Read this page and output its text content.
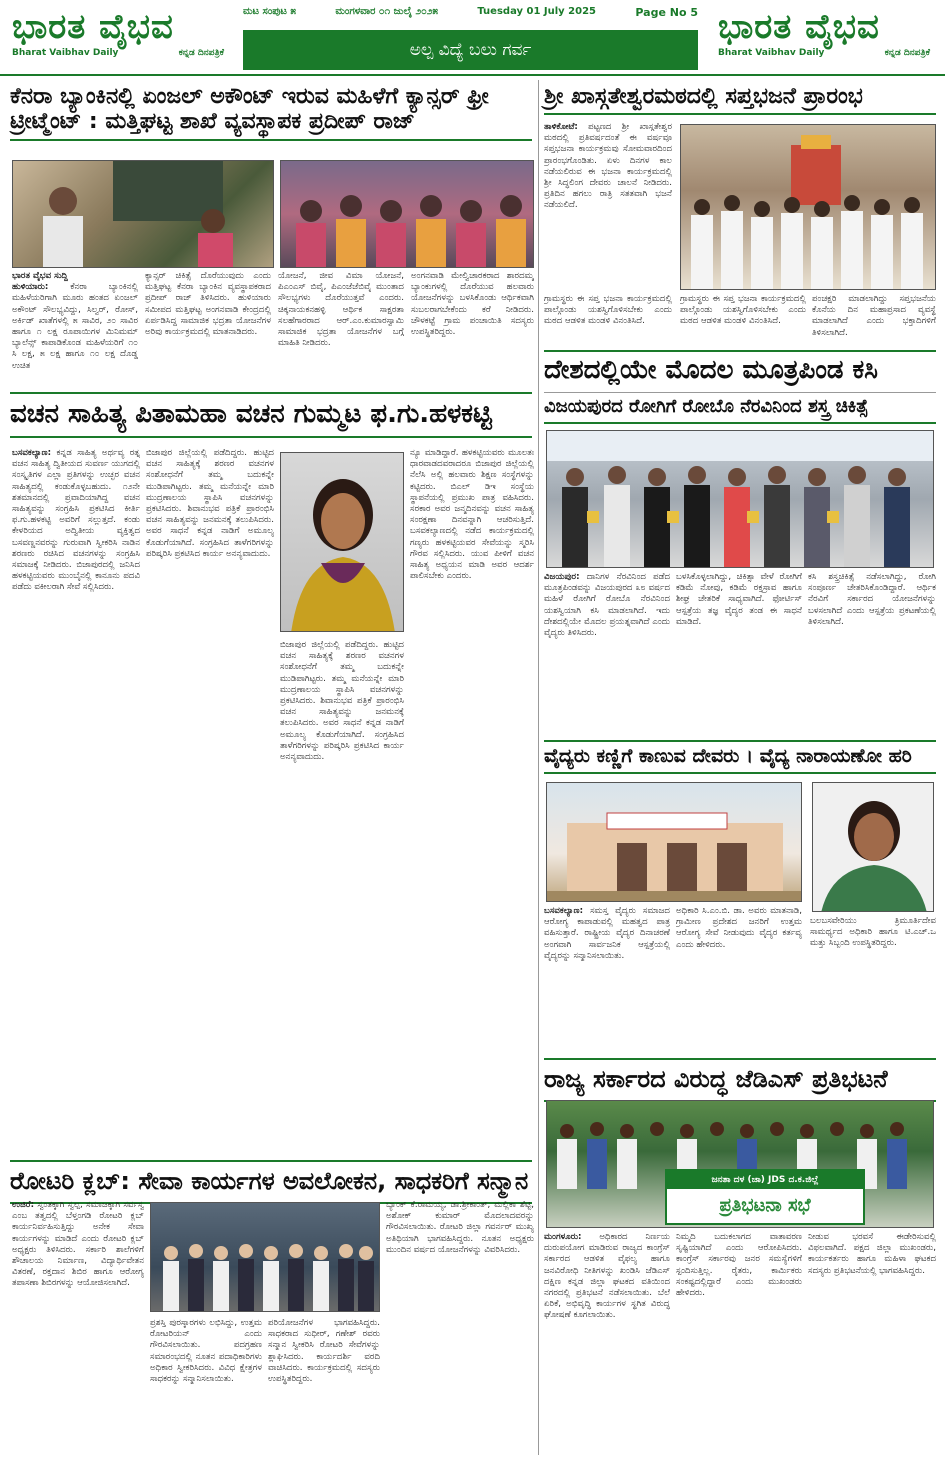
ಭಾರತ ವೈಭವ
Bharat Vaibhav Daily	ಕನ್ನಡ ದಿನಪತ್ರಿಕೆ
ಮಟ ಸಂಪುಟ ೫	ಮಂಗಳವಾರ ೦೧ ಜುಲೈ ೨೦೨೫	Tuesday 01 July 2025	Page No 5
ಅಲ್ಪ ವಿದ್ಯೆ ಬಲು ಗರ್ವ
ಭಾರತ ವೈಭವ
Bharat Vaibhav Daily	ಕನ್ನಡ ದಿನಪತ್ರಿಕೆ
ಕೆನರಾ ಬ್ಯಾಂಕಿನಲ್ಲಿ ಏಂಜಲ್ ಅಕೌಂಟ್ ಇರುವ ಮಹಿಳೆಗೆ ಕ್ಯಾನ್ಸರ್ ಫ್ರೀ ಟ್ರೀಟ್ಮೆಂಟ್ : ಮತ್ತಿಘಟ್ಟ ಶಾಖೆ ವ್ಯವಸ್ಥಾಪಕ ಪ್ರದೀಪ್ ರಾಜ್

ಭಾರತ ವೈಭವ ಸುದ್ದಿ

ಹುಳಿಯಾರು:	ಕೆನರಾ ಬ್ಯಾಂಕಿನಲ್ಲಿ ಮಹಿಳೆಯರಿಗಾಗಿ ಮೂರು ಹಂತದ ಏಂಜಲ್ ಅಕೌಂಟ್ ಸೌಲಭ್ಯವಿದ್ದು, ಸಿಲ್ವರ್, ರೋಸ್, ಅರ್ಕಿಡ್ ಖಾತೆಗಳಲ್ಲಿ ೫ ಸಾವಿರ, ೨೦ ಸಾವಿರ ಹಾಗೂ ೧ ಲಕ್ಷ ರೂಪಾಯಿಗಳ ಮಿನಿಮಮ್ ಬ್ಯಾಲೆನ್ಸ್ ಕಾಪಾಡಿಕೊಂಡ ಮಹಿಳೆಯರಿಗೆ ೧೦ ಸಿ ಲಕ್ಷ, ೫ ಲಕ್ಷ ಹಾಗೂ ೧೦ ಲಕ್ಷ ದೊಡ್ಡ ಉಚಿತ

ಕ್ಯಾನ್ಸರ್ ಚಿಕಿತ್ಸೆ ದೊರೆಯುವುದು ಎಂದು ಮತ್ತಿಘಟ್ಟ ಕೆನರಾ ಬ್ಯಾಂಕಿನ ವ್ಯವಸ್ಥಾಪಕರಾದ ಪ್ರದೀಪ್ ರಾಜ್ ತಿಳಿಸಿದರು. ಹುಳಿಯಾರು ಸಮೀಪದ ಮತ್ತಿಘಟ್ಟ ಅಂಗನವಾಡಿ ಕೇಂದ್ರದಲ್ಲಿ ಏರ್ಪಡಿಸಿದ್ದ ಸಾಮಾಜಿಕ ಭದ್ರತಾ ಯೋಜನೆಗಳ ಅರಿವು ಕಾರ್ಯಕ್ರಮದಲ್ಲಿ ಮಾತನಾಡಿದರು.

ಯೋಜನೆ, ಜೀವ ವಿಮಾ ಯೋಜನೆ, ಪಿಎಂಎಸ್ ಬಿವೈ, ಪಿಎಂಜೆಜೆಬಿವೈ ಮುಂತಾದ ಸೌಲಭ್ಯಗಳು ದೊರೆಯುತ್ತವೆ ಎಂದರು. ಚಿಕ್ಕನಾಯಕನಹಳ್ಳಿ ಆರ್ಥಿಕ ಸಾಕ್ಷರತಾ ಸಲಹೆಗಾರರಾದ ಆರ್.ಎಂ.ಕುಮಾರಸ್ವಾಮಿ ಸಾಮಾಜಿಕ ಭದ್ರತಾ ಯೋಜನೆಗಳ ಬಗ್ಗೆ ಮಾಹಿತಿ ನೀಡಿದರು.

ಅಂಗನವಾಡಿ ಮೇಲ್ವಿಚಾರಕರಾದ ಶಾರದಮ್ಮ ಬ್ಯಾಂಕುಗಳಲ್ಲಿ ದೊರೆಯುವ ಹಲವಾರು ಯೋಜನೆಗಳನ್ನು ಬಳಸಿಕೊಂಡು ಆರ್ಥಿಕವಾಗಿ ಸುಬಲರಾಗಬೇಕೆಂದು ಕರೆ ನೀಡಿದರು. ಚೌಳಕಟ್ಟೆ ಗ್ರಾಮ ಪಂಚಾಯಿತಿ ಸದಸ್ಯರು ಉಪಸ್ಥಿತರಿದ್ದರು.

ವಚನ ಸಾಹಿತ್ಯ ಪಿತಾಮಹಾ ವಚನ ಗುಮ್ಮಟ ಫ.ಗು.ಹಳಕಟ್ಟಿ

ಬಸವಕಲ್ಯಾಣ: ಕನ್ನಡ ಸಾಹಿತ್ಯ ಅರ್ಥವ್ಯ ರತ್ನ ವಚನ ಸಾಹಿತ್ಯ ದ್ವಿತೀಯದ ಸುವರ್ಣ ಯುಗದಲ್ಲಿ ಸಂಸ್ಕೃತಿಗಳ ಎಲ್ಲಾ ಪ್ರತಿಗಳನ್ನು ಉಚ್ಛರ ವಚನ ಸಾಹಿತ್ಯದಲ್ಲಿ ಕಂಡುಕೊಳ್ಳಬಹುದು. ೧೨ನೇ ಶತಮಾನದಲ್ಲಿ ಪ್ರವಾದಿಯಾಗಿದ್ದ ವಚನ ಸಾಹಿತ್ಯವನ್ನು ಸಂಗ್ರಹಿಸಿ ಪ್ರಕಟಿಸಿದ ಕೀರ್ತಿ ಫ.ಗು.ಹಳಕಟ್ಟಿ ಅವರಿಗೆ ಸಲ್ಲುತ್ತದೆ. ಕಂಡು ಕೇಳರಿಯದ ಅದ್ವಿತೀಯ ವ್ಯಕ್ತಿತ್ವದ ಬಸವಣ್ಣನವರನ್ನು ಗುರುವಾಗಿ ಸ್ವೀಕರಿಸಿ ನಾಡಿನ ಶರಣರು ರಚಿಸಿದ ವಚನಗಳನ್ನು ಸಂಗ್ರಹಿಸಿ ಸಮಾಜಕ್ಕೆ ನೀಡಿದರು. ಬಿಜಾಪುರದಲ್ಲಿ ಜನಿಸಿದ ಹಳಕಟ್ಟಿಯವರು ಮುಂಬೈನಲ್ಲಿ ಕಾನೂನು ಪದವಿ ಪಡೆದು ವಕೀಲರಾಗಿ ಸೇವೆ ಸಲ್ಲಿಸಿದರು.

ಬಿಜಾಪುರ ಜಿಲ್ಲೆಯಲ್ಲಿ ಪಡೆದಿದ್ದರು. ಹುಟ್ಟಿದ ವಚನ ಸಾಹಿತ್ಯಕ್ಕೆ ಶರಣರ ವಚನಗಳ ಸಂಶೋಧನೆಗೆ ತಮ್ಮ ಬದುಕನ್ನೇ ಮುಡಿಪಾಗಿಟ್ಟರು. ತಮ್ಮ ಮನೆಯನ್ನೇ ಮಾರಿ ಮುದ್ರಣಾಲಯ ಸ್ಥಾಪಿಸಿ ವಚನಗಳನ್ನು ಪ್ರಕಟಿಸಿದರು. ಶಿವಾನುಭವ ಪತ್ರಿಕೆ ಪ್ರಾರಂಭಿಸಿ ವಚನ ಸಾಹಿತ್ಯವನ್ನು ಜನಮನಕ್ಕೆ ತಲುಪಿಸಿದರು. ಅವರ ಸಾಧನೆ ಕನ್ನಡ ನಾಡಿಗೆ ಅಮೂಲ್ಯ ಕೊಡುಗೆಯಾಗಿದೆ. ಸಂಗ್ರಹಿಸಿದ ತಾಳೆಗರಿಗಳನ್ನು ಪರಿಷ್ಕರಿಸಿ ಪ್ರಕಟಿಸಿದ ಕಾರ್ಯ ಅನನ್ಯವಾದುದು.

ಬಿಜಾಪುರ ಜಿಲ್ಲೆಯಲ್ಲಿ ಪಡೆದಿದ್ದರು. ಹುಟ್ಟಿದ ವಚನ ಸಾಹಿತ್ಯಕ್ಕೆ ಶರಣರ ವಚನಗಳ ಸಂಶೋಧನೆಗೆ ತಮ್ಮ ಬದುಕನ್ನೇ ಮುಡಿಪಾಗಿಟ್ಟರು. ತಮ್ಮ ಮನೆಯನ್ನೇ ಮಾರಿ ಮುದ್ರಣಾಲಯ ಸ್ಥಾಪಿಸಿ ವಚನಗಳನ್ನು ಪ್ರಕಟಿಸಿದರು. ಶಿವಾನುಭವ ಪತ್ರಿಕೆ ಪ್ರಾರಂಭಿಸಿ ವಚನ ಸಾಹಿತ್ಯವನ್ನು ಜನಮನಕ್ಕೆ ತಲುಪಿಸಿದರು. ಅವರ ಸಾಧನೆ ಕನ್ನಡ ನಾಡಿಗೆ ಅಮೂಲ್ಯ ಕೊಡುಗೆಯಾಗಿದೆ. ಸಂಗ್ರಹಿಸಿದ ತಾಳೆಗರಿಗಳನ್ನು ಪರಿಷ್ಕರಿಸಿ ಪ್ರಕಟಿಸಿದ ಕಾರ್ಯ ಅನನ್ಯವಾದುದು.

ನ್ಯೂ ಮಾಡಿದ್ದಾರೆ. ಹಳಕಟ್ಟಿಯವರು ಮೂಲತಃ ಧಾರವಾಡದವರಾದರೂ ಬಿಜಾಪುರ ಜಿಲ್ಲೆಯಲ್ಲಿ ನೆಲೆಸಿ ಅಲ್ಲಿ ಹಲವಾರು ಶಿಕ್ಷಣ ಸಂಸ್ಥೆಗಳನ್ನು ಕಟ್ಟಿದರು. ಬಿಎಲ್ ಡಿಇ ಸಂಸ್ಥೆಯ ಸ್ಥಾಪನೆಯಲ್ಲಿ ಪ್ರಮುಖ ಪಾತ್ರ ವಹಿಸಿದರು. ಸರಕಾರ ಅವರ ಜನ್ಮದಿನವನ್ನು ವಚನ ಸಾಹಿತ್ಯ ಸಂರಕ್ಷಣಾ ದಿನವನ್ನಾಗಿ ಆಚರಿಸುತ್ತಿದೆ. ಬಸವಕಲ್ಯಾಣದಲ್ಲಿ ನಡೆದ ಕಾರ್ಯಕ್ರಮದಲ್ಲಿ ಗಣ್ಯರು ಹಳಕಟ್ಟಿಯವರ ಸೇವೆಯನ್ನು ಸ್ಮರಿಸಿ ಗೌರವ ಸಲ್ಲಿಸಿದರು. ಯುವ ಪೀಳಿಗೆ ವಚನ ಸಾಹಿತ್ಯ ಅಧ್ಯಯನ ಮಾಡಿ ಅವರ ಆದರ್ಶ ಪಾಲಿಸಬೇಕು ಎಂದರು.

ರೋಟರಿ ಕ್ಲಬ್: ಸೇವಾ ಕಾರ್ಯಗಳ ಅವಲೋಕನ, ಸಾಧಕರಿಗೆ ಸನ್ಮಾನ

ಉಜಿರೆ: ಸ್ವಂತಕ್ಕಾಗಿ ಸ್ವಲ್ಪ, ಸಮಾಜಕ್ಕಾಗಿ ಸರ್ವಸ್ವ ಎಂಬ ತತ್ವದಲ್ಲಿ ಬೆಳ್ತಂಗಡಿ ರೋಟರಿ ಕ್ಲಬ್ ಕಾರ್ಯನಿರ್ವಹಿಸುತ್ತಿದ್ದು ಅನೇಕ ಸೇವಾ ಕಾರ್ಯಗಳನ್ನು ಮಾಡಿದೆ ಎಂದು ರೋಟರಿ ಕ್ಲಬ್ ಅಧ್ಯಕ್ಷರು ತಿಳಿಸಿದರು. ಸರ್ಕಾರಿ ಶಾಲೆಗಳಿಗೆ ಶೌಚಾಲಯ ನಿರ್ಮಾಣ, ವಿದ್ಯಾರ್ಥಿವೇತನ ವಿತರಣೆ, ರಕ್ತದಾನ ಶಿಬಿರ ಹಾಗೂ ಆರೋಗ್ಯ ತಪಾಸಣಾ ಶಿಬಿರಗಳನ್ನು ಆಯೋಜಿಸಲಾಗಿದೆ.

ಪ್ರಶಸ್ತಿ ಪುರಸ್ಕಾರಗಳು ಲಭಿಸಿದ್ದು, ಉತ್ತಮ ರೋಟರಿಯನ್ ಎಂದು ಗೌರವಿಸಲಾಯಿತು. ಪದಗ್ರಹಣ ಸಮಾರಂಭದಲ್ಲಿ ನೂತನ ಪದಾಧಿಕಾರಿಗಳು ಅಧಿಕಾರ ಸ್ವೀಕರಿಸಿದರು. ವಿವಿಧ ಕ್ಷೇತ್ರಗಳ ಸಾಧಕರನ್ನು ಸನ್ಮಾನಿಸಲಾಯಿತು.

ಪರಿಯೋಜನೆಗಳ ಭಾಗವಹಿಸಿದ್ದರು. ಸಾಧಕರಾದ ಸುಧೀರ್, ಗಣೇಶ್ ರವರು ಸನ್ಮಾನ ಸ್ವೀಕರಿಸಿ ರೋಟರಿ ಸೇವೆಗಳನ್ನು ಶ್ಲಾಘಿಸಿದರು. ಕಾರ್ಯದರ್ಶಿ ವರದಿ ವಾಚಿಸಿದರು. ಕಾರ್ಯಕ್ರಮದಲ್ಲಿ ಸದಸ್ಯರು ಉಪಸ್ಥಿತರಿದ್ದರು.

ಬ್ಯಾಂಕ್ ಕೆ.ರಾಮಯ್ಯ, ಡಾ.ಶ್ರೀಕಾಂತ್, ಮಲ್ಲಿಕಾ ಶೆಟ್ಟಿ, ಅಶೋಕ್ ಕುಮಾರ್ ಮೊದಲಾದವರನ್ನು ಗೌರವಿಸಲಾಯಿತು. ರೋಟರಿ ಜಿಲ್ಲಾ ಗವರ್ನರ್ ಮುಖ್ಯ ಅತಿಥಿಯಾಗಿ ಭಾಗವಹಿಸಿದ್ದರು. ನೂತನ ಅಧ್ಯಕ್ಷರು ಮುಂದಿನ ವರ್ಷದ ಯೋಜನೆಗಳನ್ನು ವಿವರಿಸಿದರು.

ಶ್ರೀ ಖಾಸ್ಗತೇಶ್ವರಮಠದಲ್ಲಿ ಸಪ್ತಭಜನೆ ಪ್ರಾರಂಭ

ತಾಳಿಕೋಟೆ: ಪಟ್ಟಣದ ಶ್ರೀ ಖಾಸ್ಗತೇಶ್ವರ ಮಠದಲ್ಲಿ ಪ್ರತಿವರ್ಷದಂತೆ ಈ ವರ್ಷವೂ ಸಪ್ತಭಜನಾ ಕಾರ್ಯಕ್ರಮವು ಸೋಮವಾರದಿಂದ ಪ್ರಾರಂಭಗೊಂಡಿತು. ಏಳು ದಿನಗಳ ಕಾಲ ನಡೆಯಲಿರುವ ಈ ಭಜನಾ ಕಾರ್ಯಕ್ರಮದಲ್ಲಿ ಶ್ರೀ ಸಿದ್ಧಲಿಂಗ ದೇವರು ಚಾಲನೆ ನೀಡಿದರು. ಪ್ರತಿದಿನ ಹಗಲು ರಾತ್ರಿ ಸತತವಾಗಿ ಭಜನೆ ನಡೆಯಲಿದೆ.

ಗ್ರಾಮಸ್ಥರು ಈ ಸಪ್ತ ಭಜನಾ ಕಾರ್ಯಕ್ರಮದಲ್ಲಿ ಪಾಲ್ಗೊಂಡು ಯಶಸ್ವಿಗೊಳಿಸಬೇಕು ಎಂದು ಮಠದ ಆಡಳಿತ ಮಂಡಳಿ ವಿನಂತಿಸಿದೆ.

ಗ್ರಾಮಸ್ಥರು ಈ ಸಪ್ತ ಭಜನಾ ಕಾರ್ಯಕ್ರಮದಲ್ಲಿ ಪಾಲ್ಗೊಂಡು ಯಶಸ್ವಿಗೊಳಿಸಬೇಕು ಎಂದು ಮಠದ ಆಡಳಿತ ಮಂಡಳಿ ವಿನಂತಿಸಿದೆ.

ಪಂಚಕ್ಷರಿ ಮಾಡಲಾಗಿದ್ದು ಸಪ್ತಭಜನೆಯ ಕೊನೆಯ ದಿನ ಮಹಾಪ್ರಸಾದ ವ್ಯವಸ್ಥೆ ಮಾಡಲಾಗಿದೆ ಎಂದು ಭಕ್ತಾದಿಗಳಿಗೆ ತಿಳಿಸಲಾಗಿದೆ.

ದೇಶದಲ್ಲಿಯೇ ಮೊದಲ ಮೂತ್ರಪಿಂಡ ಕಸಿ
ವಿಜಯಪುರದ ರೋಗಿಗೆ ರೋಬೊ ನೆರವಿನಿಂದ ಶಸ್ತ್ರ ಚಿಕಿತ್ಸೆ

ವಿಜಯಪುರ: ದಾನಿಗಳ ನೆರವಿನಿಂದ ಪಡೆದ ಮೂತ್ರಪಿಂಡವನ್ನು ವಿಜಯಪುರದ ೩೮ ವರ್ಷದ ಮಹಿಳೆ ರೋಗಿಗೆ ರೋಬೊ ನೆರವಿನಿಂದ ಯಶಸ್ವಿಯಾಗಿ ಕಸಿ ಮಾಡಲಾಗಿದೆ. ಇದು ದೇಶದಲ್ಲಿಯೇ ಮೊದಲ ಪ್ರಯತ್ನವಾಗಿದೆ ಎಂದು ವೈದ್ಯರು ತಿಳಿಸಿದರು.

ಬಳಸಿಕೊಳ್ಳಲಾಗಿದ್ದು, ಚಿಕಿತ್ಸಾ ವೇಳೆ ರೋಗಿಗೆ ಕಡಿಮೆ ನೋವು, ಕಡಿಮೆ ರಕ್ತಸ್ರಾವ ಹಾಗೂ ಶೀಘ್ರ ಚೇತರಿಕೆ ಸಾಧ್ಯವಾಗಿದೆ. ಫೋರ್ಟಿಸ್ ಆಸ್ಪತ್ರೆಯ ತಜ್ಞ ವೈದ್ಯರ ತಂಡ ಈ ಸಾಧನೆ ಮಾಡಿದೆ.

ಕಸಿ ಶಸ್ತ್ರಚಿಕಿತ್ಸೆ ನಡೆಸಲಾಗಿದ್ದು, ರೋಗಿ ಸಂಪೂರ್ಣ ಚೇತರಿಸಿಕೊಂಡಿದ್ದಾರೆ. ಆರ್ಥಿಕ ನೆರವಿಗೆ ಸರ್ಕಾರದ ಯೋಜನೆಗಳನ್ನು ಬಳಸಲಾಗಿದೆ ಎಂದು ಆಸ್ಪತ್ರೆಯ ಪ್ರಕಟಣೆಯಲ್ಲಿ ತಿಳಿಸಲಾಗಿದೆ.

ವೈದ್ಯರು ಕಣ್ಣಿಗೆ ಕಾಣುವ ದೇವರು । ವೈದ್ಯ ನಾರಾಯಣೋ ಹರಿ

ಬಸವಕಲ್ಯಾಣ: ಸಮಸ್ತ ವೈದ್ಯರು ಸಮಾಜದ ಆರೋಗ್ಯ ಕಾಪಾಡುವಲ್ಲಿ ಮಹತ್ವದ ಪಾತ್ರ ವಹಿಸುತ್ತಾರೆ. ರಾಷ್ಟ್ರೀಯ ವೈದ್ಯರ ದಿನಾಚರಣೆ ಅಂಗವಾಗಿ ಸಾರ್ವಜನಿಕ ಆಸ್ಪತ್ರೆಯಲ್ಲಿ ವೈದ್ಯರನ್ನು ಸನ್ಮಾನಿಸಲಾಯಿತು.

ಅಧಿಕಾರಿ ಸಿ.ಎಂ.ಬಿ. ಡಾ. ಅವರು ಮಾತನಾಡಿ, ಗ್ರಾಮೀಣ ಪ್ರದೇಶದ ಜನರಿಗೆ ಉತ್ತಮ ಆರೋಗ್ಯ ಸೇವೆ ನೀಡುವುದು ವೈದ್ಯರ ಕರ್ತವ್ಯ ಎಂದು ಹೇಳಿದರು.

ಬಲಬಸವೇರಿಯು ತ್ರಿಮೂರ್ತಿದೇವ ಸಾಮರ್ಥ್ಯದ ಅಧಿಕಾರಿ ಹಾಗೂ ಟಿ.ಎಚ್.ಒ ಮತ್ತು ಸಿಬ್ಬಂದಿ ಉಪಸ್ಥಿತರಿದ್ದರು.

ರಾಜ್ಯ ಸರ್ಕಾರದ ವಿರುದ್ಧ ಜೆಡಿಎಸ್ ಪ್ರತಿಭಟನೆ
ಜನತಾ ದಳ (ಜಾ) JDS ದ.ಕ.ಜಿಲ್ಲೆ
ಪ್ರತಿಭಟನಾ ಸಭೆ

ಮಂಗಳೂರು: ಅಧಿಕಾರದ ನಿರ್ಣಯ ದುರುಪಯೋಗ ಮಾಡಿರುವ ರಾಜ್ಯದ ಕಾಂಗ್ರೆಸ್ ಸರ್ಕಾರದ ಆಡಳಿತ ವೈಫಲ್ಯ ಹಾಗೂ ಜನವಿರೋಧಿ ನೀತಿಗಳನ್ನು ಖಂಡಿಸಿ ಜೆಡಿಎಸ್ ದಕ್ಷಿಣ ಕನ್ನಡ ಜಿಲ್ಲಾ ಘಟಕದ ವತಿಯಿಂದ ನಗರದಲ್ಲಿ ಪ್ರತಿಭಟನೆ ನಡೆಸಲಾಯಿತು. ಬೆಲೆ ಏರಿಕೆ, ಅಭಿವೃದ್ಧಿ ಕಾರ್ಯಗಳ ಸ್ಥಗಿತ ವಿರುದ್ಧ ಘೋಷಣೆ ಕೂಗಲಾಯಿತು.

ನಿಮ್ಮದಿ ಬದುಕಲಾಗದ ವಾತಾವರಣ ಸೃಷ್ಟಿಯಾಗಿದೆ ಎಂದು ಆರೋಪಿಸಿದರು. ಕಾಂಗ್ರೆಸ್ ಸರ್ಕಾರವು ಜನರ ಸಮಸ್ಯೆಗಳಿಗೆ ಸ್ಪಂದಿಸುತ್ತಿಲ್ಲ. ರೈತರು, ಕಾರ್ಮಿಕರು ಸಂಕಷ್ಟದಲ್ಲಿದ್ದಾರೆ ಎಂದು ಮುಖಂಡರು ಹೇಳಿದರು.

ನೀಡುವ ಭರವಸೆ ಈಡೇರಿಸುವಲ್ಲಿ ವಿಫಲವಾಗಿದೆ. ಪಕ್ಷದ ಜಿಲ್ಲಾ ಮುಖಂಡರು, ಕಾರ್ಯಕರ್ತರು ಹಾಗೂ ಮಹಿಳಾ ಘಟಕದ ಸದಸ್ಯರು ಪ್ರತಿಭಟನೆಯಲ್ಲಿ ಭಾಗವಹಿಸಿದ್ದರು.
